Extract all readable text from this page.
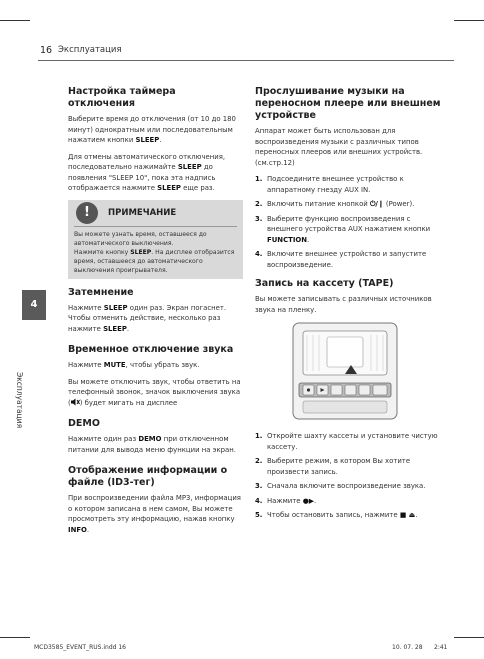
16 Эксплуатация
4
Эксплуатация
Настройка таймера отключения

Выберите время до отключения (от 10 до 180 минут) однократным или последовательным нажатием кнопки SLEEP.

Для отмены автоматического отключения, последовательно нажимайте SLEEP до появления "SLEEP 10", пока эта надпись отображается нажмите SLEEP еще раз.

!	ПРИМЕЧАНИЕ

Вы можете узнать время, оставшееся до автоматического выключения.

Нажмите кнопку SLEEP. На дисплее отобразится время, оставшееся до автоматического выключения проигрывателя.

Затемнение

Нажмите SLEEP один раз. Экран погаснет. Чтобы отменить действие, несколько раз нажмите SLEEP.

Временное отключение звука

Нажмите MUTE, чтобы убрать звук.

Вы можете отключить звук, чтобы ответить на телефонный звонок, значок выключения звука ( ) будет мигать на дисплее

DEMO

Нажмите один раз DEMO при отключенном питании для вывода меню функции на экран.

Отображение информации о файле (ID3-тег)

При воспроизведении файла MP3, информация о котором записана в нем самом, Вы можете просмотреть эту информацию, нажав кнопку INFO.

Прослушивание музыки на переносном плеере или внешнем устройстве

Аппарат может быть использован для воспроизведения музыки с различных типов переносных плееров или внешних устройств. (см.стр.12)

1. Подсоедините внешнее устройство к аппаратному гнезду AUX IN.
2. Включить питание кнопкой ⏻/❙ (Power).
3. Выберите функцию воспроизведения с внешнего устройства AUX нажатием кнопки FUNCTION.
4. Включите внешнее устройство и запустите воспроизведение.
Запись на кассету (TAPE)

Вы можете записывать с различных источников звука на пленку.

1. Откройте шахту кассеты и установите чистую кассету.
2. Выберите режим, в котором Вы хотите произвести запись.
3. Сначала включите воспроизведение звука.
4. Нажмите ●▶.
5. Чтобы остановить запись, нажмите ■ ⏏.
MCD3585_EVENT_RUS.indd 16	10. 07. 28 2:41
